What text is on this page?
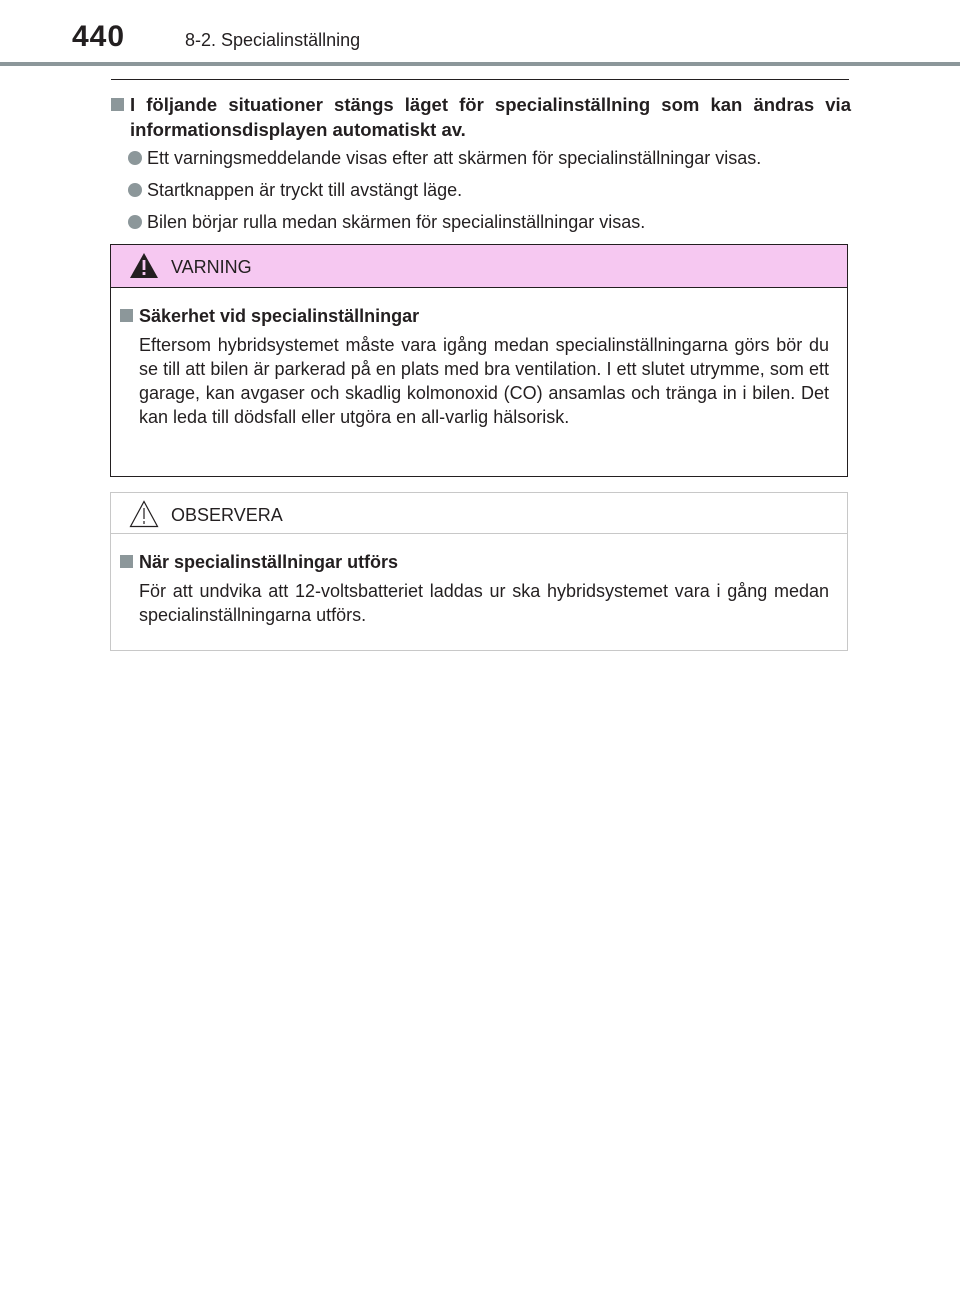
440	8-2. Specialinställning
I följande situationer stängs läget för specialinställning som kan ändras via informationsdisplayen automatiskt av.
Ett varningsmeddelande visas efter att skärmen för specialinställningar visas.
Startknappen är tryckt till avstängt läge.
Bilen börjar rulla medan skärmen för specialinställningar visas.
VARNING
Säkerhet vid specialinställningar
Eftersom hybridsystemet måste vara igång medan specialinställningarna görs bör du se till att bilen är parkerad på en plats med bra ventilation. I ett slutet utrymme, som ett garage, kan avgaser och skadlig kolmonoxid (CO) ansamlas och tränga in i bilen. Det kan leda till dödsfall eller utgöra en all-varlig hälsorisk.
OBSERVERA
När specialinställningar utförs
För att undvika att 12-voltsbatteriet laddas ur ska hybridsystemet vara i gång medan specialinställningarna utförs.
